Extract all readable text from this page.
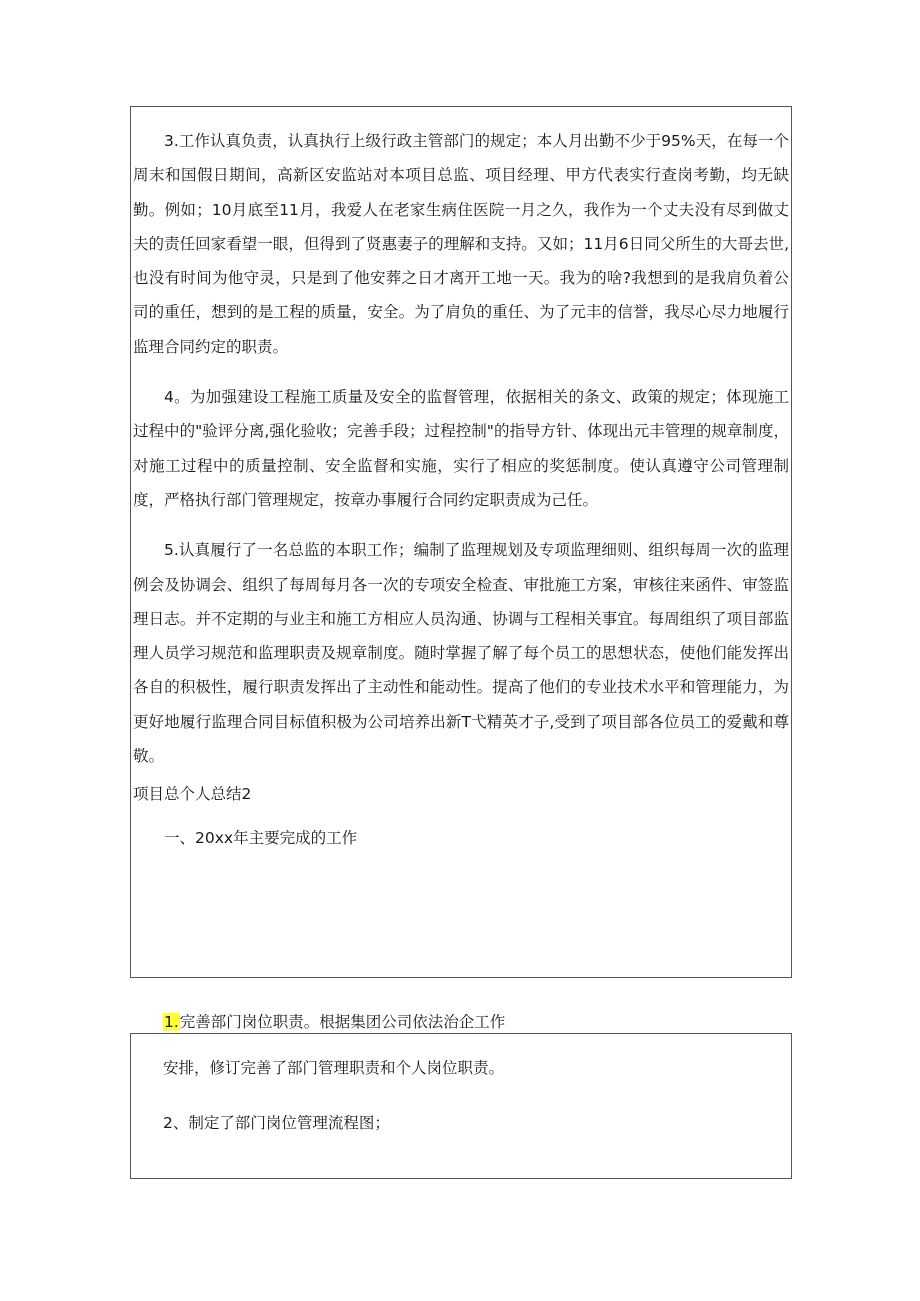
3.工作认真负责，认真执行上级行政主管部门的规定；本人月出勤不少于95%天，在每一个周末和国假日期间，高新区安监站对本项目总监、项目经理、甲方代表实行查岗考勤，均无缺勤。例如；10月底至11月，我爱人在老家生病住医院一月之久，我作为一个丈夫没有尽到做丈夫的责任回家看望一眼，但得到了贤惠妻子的理解和支持。又如；11月6日同父所生的大哥去世,也没有时间为他守灵，只是到了他安葬之日才离开工地一天。我为的啥?我想到的是我肩负着公司的重任，想到的是工程的质量，安全。为了肩负的重任、为了元丰的信誉，我尽心尽力地履行监理合同约定的职责。

4。为加强建设工程施工质量及安全的监督管理，依据相关的条文、政策的规定；体现施工过程中的"验评分离,强化验收；完善手段；过程控制"的指导方针、体现出元丰管理的规章制度，对施工过程中的质量控制、安全监督和实施，实行了相应的奖惩制度。使认真遵守公司管理制度，严格执行部门管理规定，按章办事履行合同约定职责成为己任。

5.认真履行了一名总监的本职工作；编制了监理规划及专项监理细则、组织每周一次的监理例会及协调会、组织了每周每月各一次的专项安全检查、审批施工方案，审核往来函件、审签监理日志。并不定期的与业主和施工方相应人员沟通、协调与工程相关事宜。每周组织了项目部监理人员学习规范和监理职责及规章制度。随时掌握了解了每个员工的思想状态，使他们能发挥出各自的积极性，履行职责发挥出了主动性和能动性。提高了他们的专业技术水平和管理能力，为更好地履行监理合同目标值积极为公司培养出新T弋精英才子,受到了项目部各位员工的爱戴和尊敬。

项目总个人总结2

一、20xx年主要完成的工作

1.完善部门岗位职责。根据集团公司依法治企工作
安排，修订完善了部门管理职责和个人岗位职责。
2、制定了部门岗位管理流程图；
